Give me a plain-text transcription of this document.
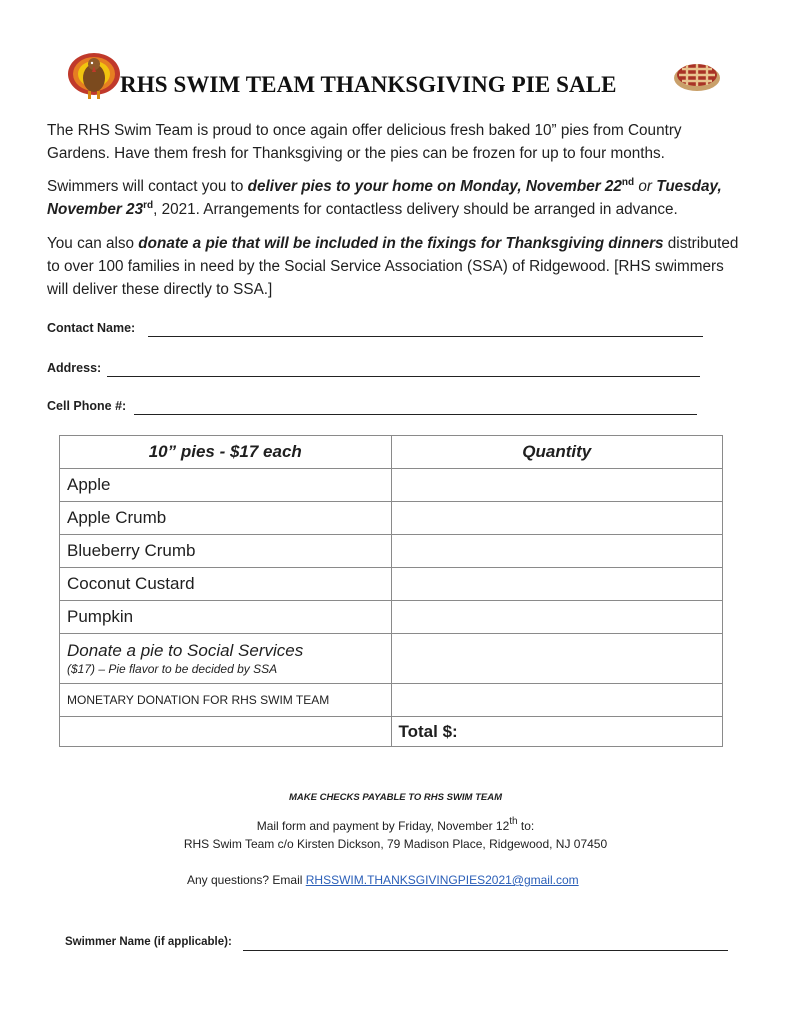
RHS SWIM TEAM THANKSGIVING PIE SALE
The RHS Swim Team is proud to once again offer delicious fresh baked 10” pies from Country Gardens. Have them fresh for Thanksgiving or the pies can be frozen for up to four months.
Swimmers will contact you to deliver pies to your home on Monday, November 22nd or Tuesday, November 23rd, 2021. Arrangements for contactless delivery should be arranged in advance.
You can also donate a pie that will be included in the fixings for Thanksgiving dinners distributed to over 100 families in need by the Social Service Association (SSA) of Ridgewood. [RHS swimmers will deliver these directly to SSA.]
Contact Name:
Address:
Cell Phone #:
10” pies - $17 each	Quantity
Apple	
Apple Crumb	
Blueberry Crumb	
Coconut Custard	
Pumpkin	
Donate a pie to Social Services
($17) – Pie flavor to be decided by SSA	

MONETARY DONATION FOR RHS SWIM TEAM	
	Total $:
MAKE CHECKS PAYABLE TO RHS SWIM TEAM
Mail form and payment by Friday, November 12th to:
RHS Swim Team c/o Kirsten Dickson, 79 Madison Place, Ridgewood, NJ 07450
Any questions? Email RHSSWIM.THANKSGIVINGPIES2021@gmail.com
Swimmer Name (if applicable):
